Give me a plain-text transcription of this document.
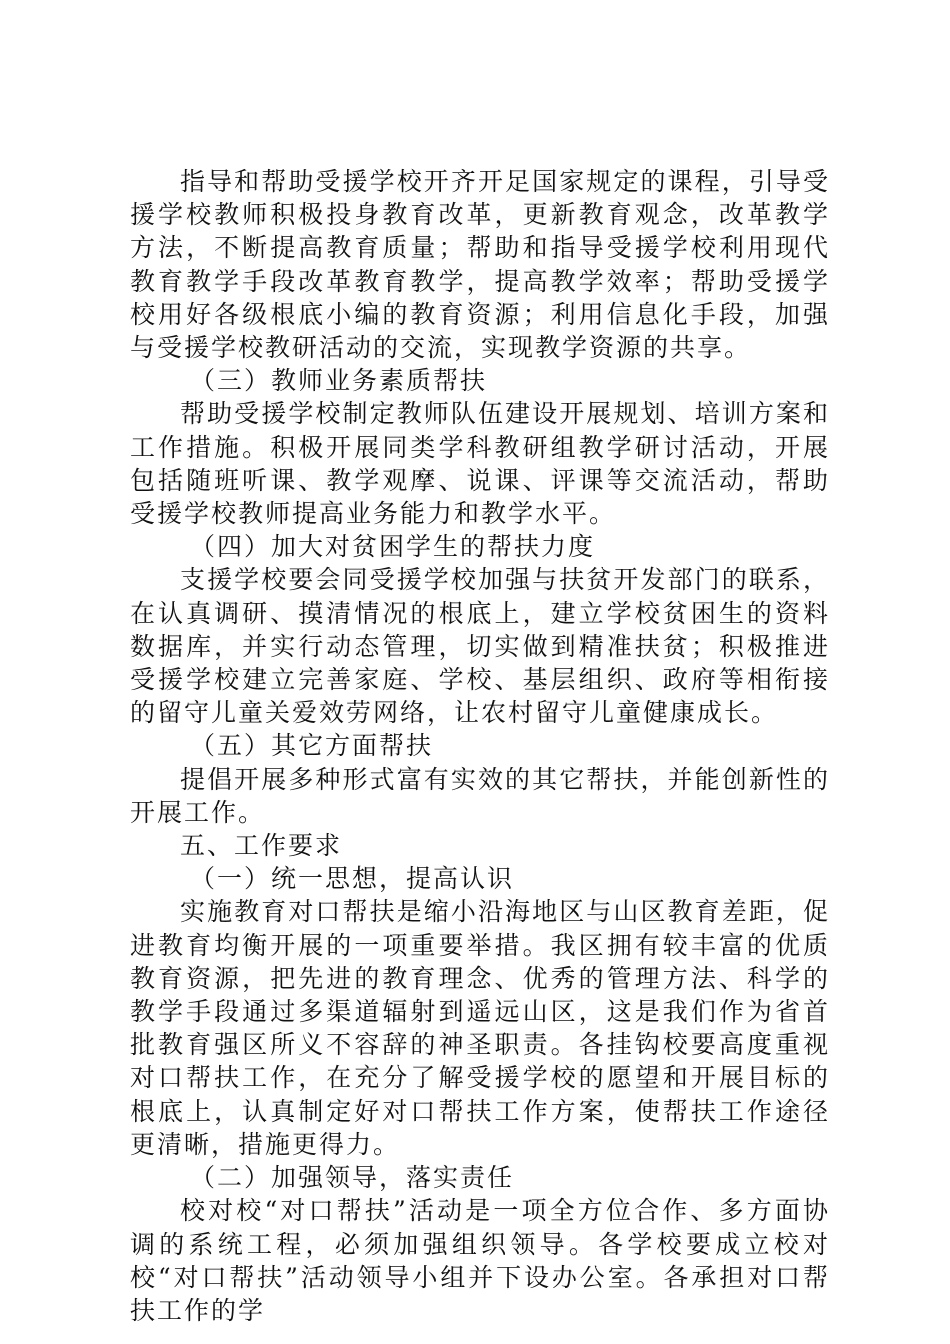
指导和帮助受援学校开齐开足国家规定的课程，引导受援学校教师积极投身教育改革，更新教育观念，改革教学方法，不断提高教育质量；帮助和指导受援学校利用现代教育教学手段改革教育教学，提高教学效率；帮助受援学校用好各级根底小编的教育资源；利用信息化手段，加强与受援学校教研活动的交流，实现教学资源的共享。

（三）教师业务素质帮扶

帮助受援学校制定教师队伍建设开展规划、培训方案和工作措施。积极开展同类学科教研组教学研讨活动，开展包括随班听课、教学观摩、说课、评课等交流活动，帮助受援学校教师提高业务能力和教学水平。

（四）加大对贫困学生的帮扶力度

支援学校要会同受援学校加强与扶贫开发部门的联系，在认真调研、摸清情况的根底上，建立学校贫困生的资料数据库，并实行动态管理，切实做到精准扶贫；积极推进受援学校建立完善家庭、学校、基层组织、政府等相衔接的留守儿童关爱效劳网络，让农村留守儿童健康成长。

（五）其它方面帮扶

提倡开展多种形式富有实效的其它帮扶，并能创新性的开展工作。

五、工作要求

（一）统一思想，提高认识

实施教育对口帮扶是缩小沿海地区与山区教育差距，促进教育均衡开展的一项重要举措。我区拥有较丰富的优质教育资源，把先进的教育理念、优秀的管理方法、科学的教学手段通过多渠道辐射到遥远山区，这是我们作为省首批教育强区所义不容辞的神圣职责。各挂钩校要高度重视对口帮扶工作，在充分了解受援学校的愿望和开展目标的根底上，认真制定好对口帮扶工作方案，使帮扶工作途径更清晰，措施更得力。

（二）加强领导，落实责任

校对校“对口帮扶”活动是一项全方位合作、多方面协调的系统工程，必须加强组织领导。各学校要成立校对校“对口帮扶”活动领导小组并下设办公室。各承担对口帮扶工作的学
